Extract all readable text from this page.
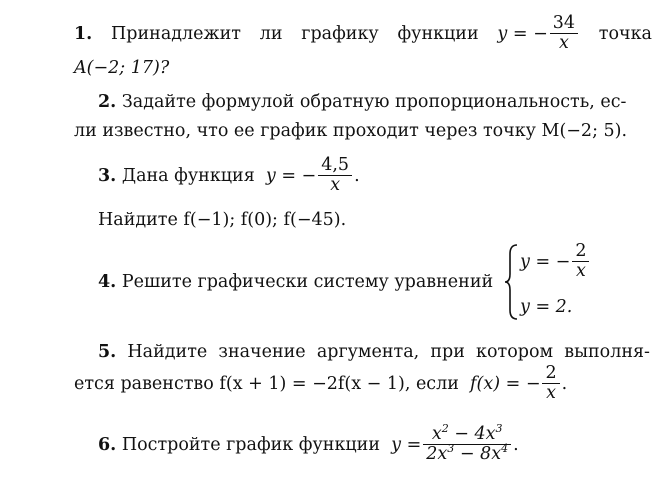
1. Принадлежит ли графику функции y = − $\frac{34}{x}$ точка
A(−2; 17)?
2. Задайте формулой обратную пропорциональность, ес-
ли известно, что ее график проходит через точку M(−2; 5).
3.
Дана функция
y = − $\frac{4,5}{x}$ .
Найдите f(−1); f(0); f(−45).
4. Решите графически систему уравнений
y = − $\frac{2}{x}$
y = 2.
5. Найдите значение аргумента, при котором выполня-
ется равенство f(x + 1) = −2f(x − 1), если
f(x) = − $\frac{2}{x}$ .
6.
Постройте график функции
$y = \frac{x^2 - 4x^3}{2x^3 - 8x^4}$ .
